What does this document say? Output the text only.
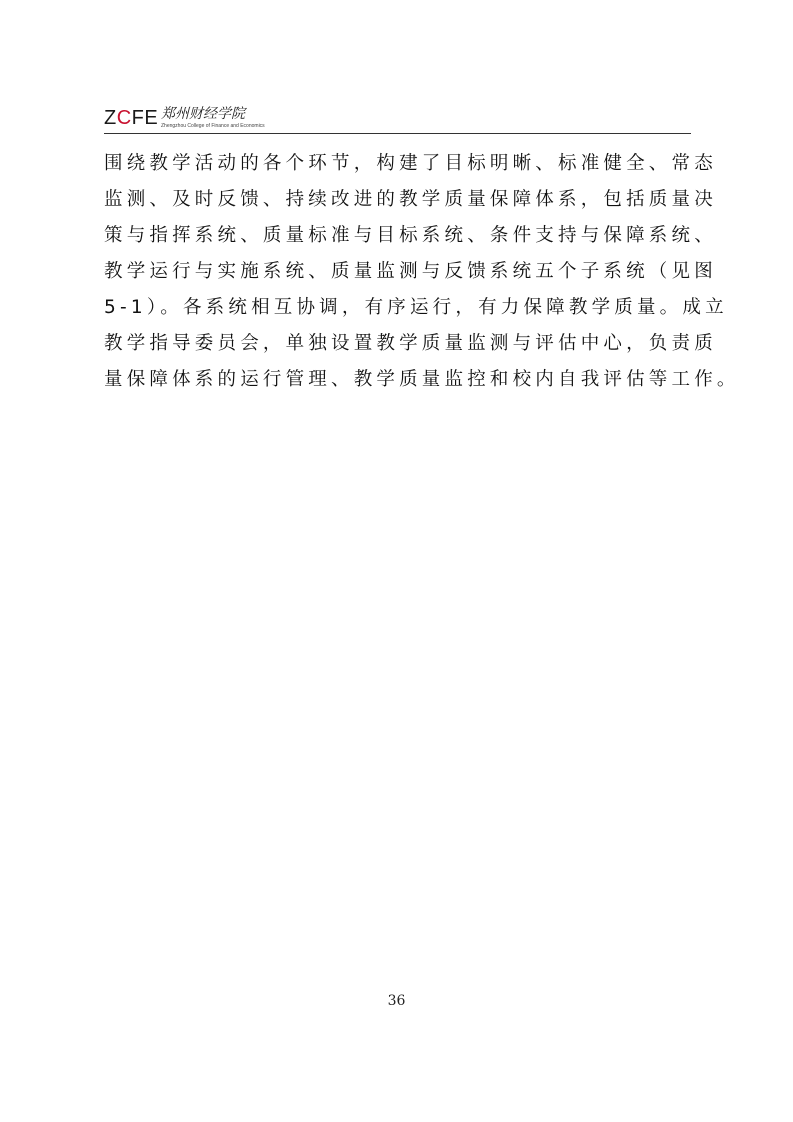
ZCFE 郑州财经学院
Zhengzhou College of Finance and Economics
围绕教学活动的各个环节，构建了目标明晰、标准健全、常态
监测、及时反馈、持续改进的教学质量保障体系，包括质量决
策与指挥系统、质量标准与目标系统、条件支持与保障系统、
教学运行与实施系统、质量监测与反馈系统五个子系统（见图
5-1）。各系统相互协调，有序运行，有力保障教学质量。成立
教学指导委员会，单独设置教学质量监测与评估中心，负责质
量保障体系的运行管理、教学质量监控和校内自我评估等工作。
36
